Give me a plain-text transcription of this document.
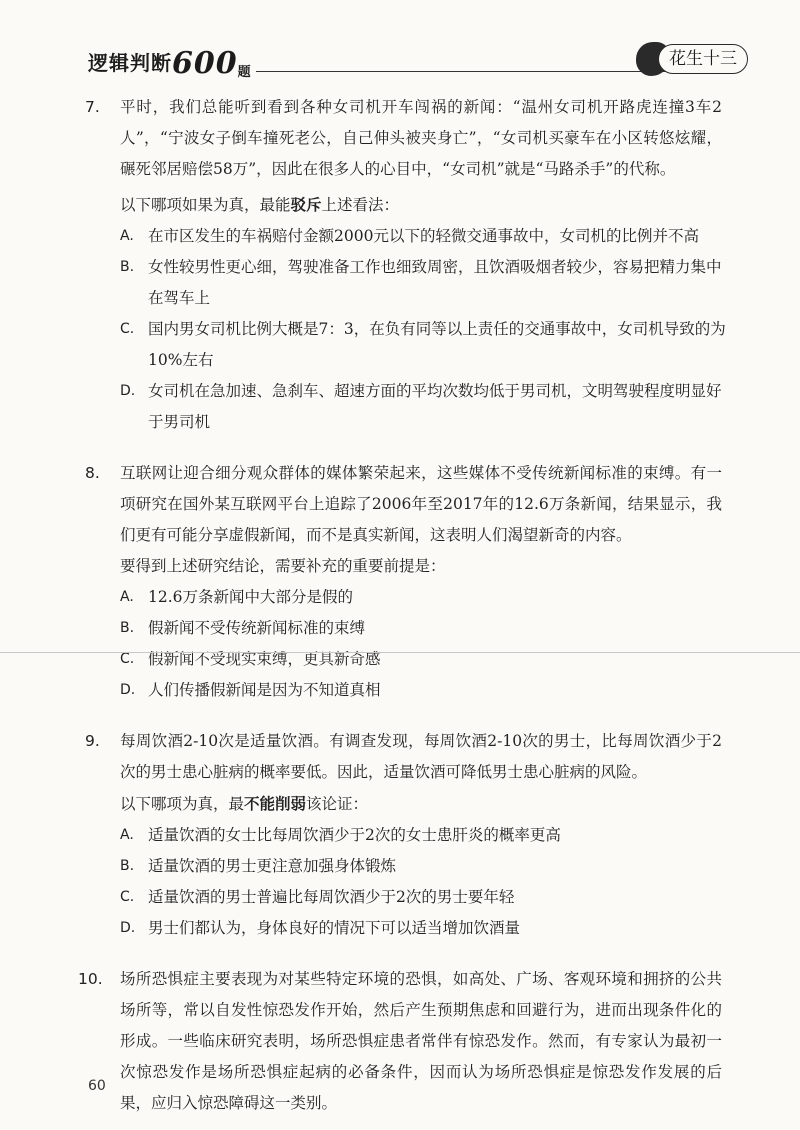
逻辑判断$600_题$
花生十三
7. 平时，我们总能听到看到各种女司机开车闯祸的新闻：“温州女司机开路虎连撞3车2人”，“宁波女子倒车撞死老公，自己伸头被夹身亡”，“女司机买豪车在小区转悠炫耀，碾死邻居赔偿58万”，因此在很多人的心目中，“女司机”就是“马路杀手”的代称。
以下哪项如果为真，最能驳斥上述看法：
A. 在市区发生的车祸赔付金额2000元以下的轻微交通事故中，女司机的比例并不高
B. 女性较男性更心细，驾驶准备工作也细致周密，且饮酒吸烟者较少，容易把精力集中在驾车上
C. 国内男女司机比例大概是7：3，在负有同等以上责任的交通事故中，女司机导致的为10%左右
D. 女司机在急加速、急刹车、超速方面的平均次数均低于男司机，文明驾驶程度明显好于男司机
8. 互联网让迎合细分观众群体的媒体繁荣起来，这些媒体不受传统新闻标准的束缚。有一项研究在国外某互联网平台上追踪了2006年至2017年的12.6万条新闻，结果显示，我们更有可能分享虚假新闻，而不是真实新闻，这表明人们渴望新奇的内容。
要得到上述研究结论，需要补充的重要前提是：
A. 12.6万条新闻中大部分是假的
B. 假新闻不受传统新闻标准的束缚
C. 假新闻不受现实束缚，更具新奇感
D. 人们传播假新闻是因为不知道真相
9. 每周饮酒2-10次是适量饮酒。有调查发现，每周饮酒2-10次的男士，比每周饮酒少于2次的男士患心脏病的概率要低。因此，适量饮酒可降低男士患心脏病的风险。
以下哪项为真，最不能削弱该论证：
A. 适量饮酒的女士比每周饮酒少于2次的女士患肝炎的概率更高
B. 适量饮酒的男士更注意加强身体锻炼
C. 适量饮酒的男士普遍比每周饮酒少于2次的男士要年轻
D. 男士们都认为，身体良好的情况下可以适当增加饮酒量
10. 场所恐惧症主要表现为对某些特定环境的恐惧，如高处、广场、客观环境和拥挤的公共场所等，常以自发性惊恐发作开始，然后产生预期焦虑和回避行为，进而出现条件化的形成。一些临床研究表明，场所恐惧症患者常伴有惊恐发作。然而，有专家认为最初一次惊恐发作是场所恐惧症起病的必备条件，因而认为场所恐惧症是惊恐发作发展的后果，应归入惊恐障碍这一类别。
60
